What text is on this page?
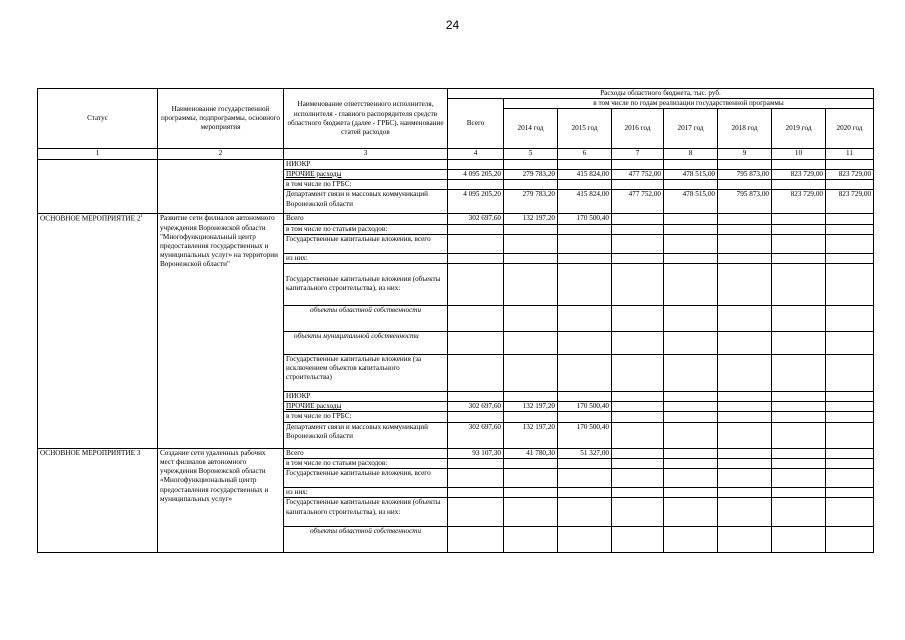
24
Статус	Наименование государственной программы, подпрограммы, основного мероприятия	Наименование ответственного исполнителя, исполнителя - главного распорядителя средств областного бюджета (далее - ГРБС), наименование статей расходов	Расходы областного бюджета, тыс. руб.							
			Всего	в том числе по годам реализации государственной программы						
				2014 год	2015 год	2016 год	2017 год	2018 год	2019 год	2020 год
1	2	3	4	5	6	7	8	9	10	11
		НИОКР								
		ПРОЧИЕ расходы	4 095 205,20	279 783,20	415 824,00	477 752,00	478 515,00	795 873,00	823 729,00	823 729,00
		в том числе по ГРБС:								
		Департамент связи и массовых коммуникаций Воронежской области	4 095 205,20	279 783,20	415 824,00	477 752,00	478 515,00	795 873,00	823 729,00	823 729,00
ОСНОВНОЕ МЕРОПРИЯТИЕ $2^1$	Развитие сети филиалов автономного учреждения Воронежской области "Многофункциональный центр предоставления государственных и муниципальных услуг» на территории Воронежской области"	Всего	302 697,60	132 197,20	170 500,40					
		в том числе по статьям расходов:								
		Государственные капитальные вложения, всего								
		из них:								
		Государственные капитальные вложения (объекты капитального строительства), из них:								
		объекты областной собственности								
		объекты муниципальной собственности								
		Государственные капитальные вложения (за исключением объектов капитального строительства)								
		НИОКР								
		ПРОЧИЕ расходы	302 697,60	132 197,20	170 500,40					
		в том числе по ГРБС:								
		Департамент связи и массовых коммуникаций Воронежской области	302 697,60	132 197,20	170 500,40					
ОСНОВНОЕ МЕРОПРИЯТИЕ 3	Создание сети удаленных рабочих мест филиалов автономного учреждения Воронежской области «Многофункциональный центр предоставления государственных и муниципальных услуг»	Всего	93 107,30	41 780,30	51 327,00					
		в том числе по статьям расходов:								
		Государственные капитальные вложения, всего								
		из них:								
		Государственные капитальные вложения (объекты капитального строительства), из них:								
		объекты областной собственности								
